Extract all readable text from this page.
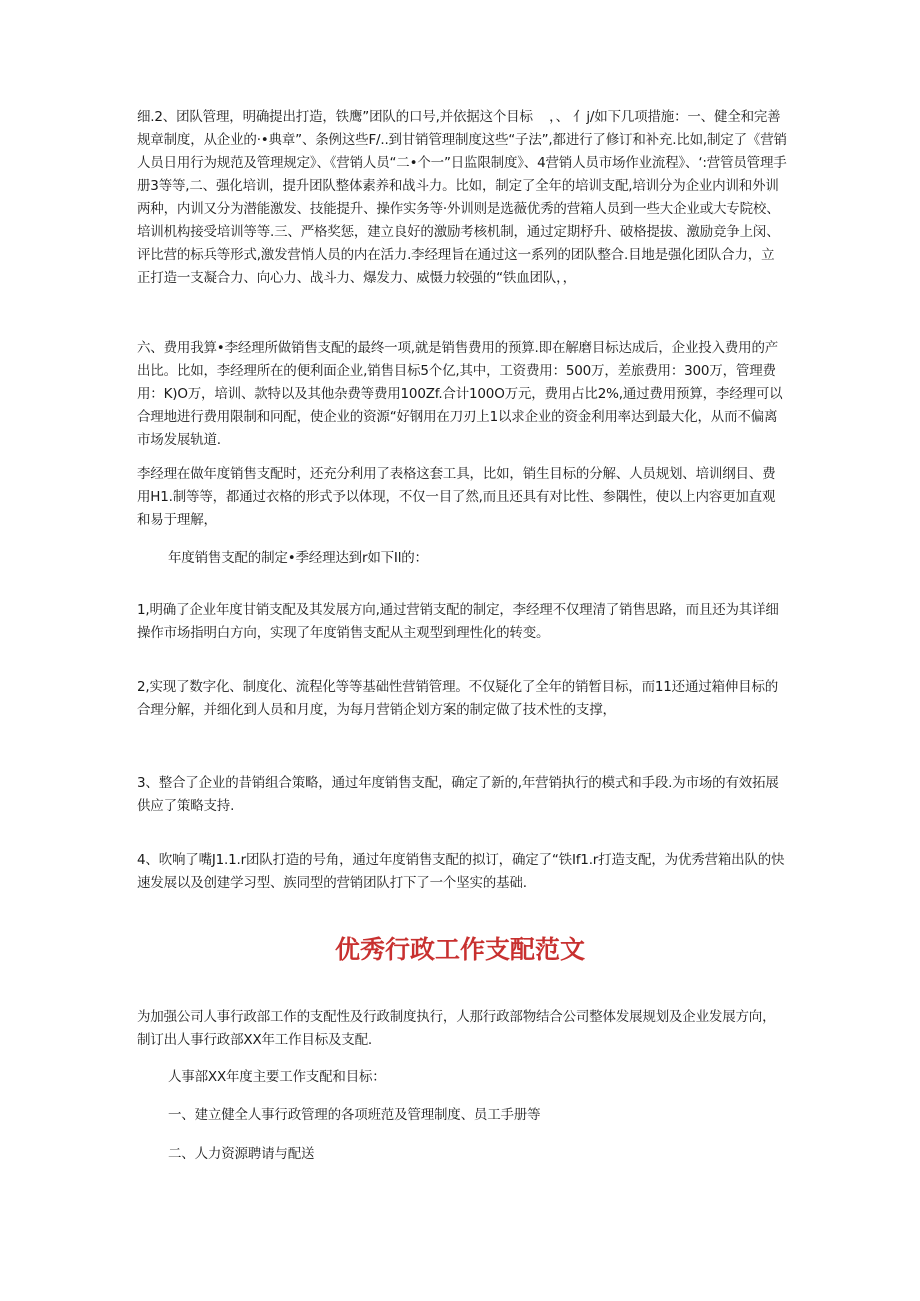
细.2、团队管理，明确提出打造，铁鹰”团队的口号,并依据这个目标    ，、 亻j/如下几项措施：一、健全和完善规章制度，从企业的·•典章”、条例这些F/..到甘销管理制度这些“子法”,都进行了修订和补充.比如,制定了《营销人员日用行为规范及管理规定》、《营销人员“二•个一”日监限制度》、4营销人员市场作业流程》、‘:营管员管理手册3等等,二、强化培训，提升团队整体素养和战斗力。比如，制定了全年的培训支配,培训分为企业内训和外训两种，内训又分为潜能激发、技能提升、操作实务等·外训则是选薇优秀的营箱人员到一些大企业或大专院校、培训机构接受培训等等.三、严格奖惩，建立良好的激励考核机制，通过定期杼升、破格提拔、激励竞争上闵、评比营的标兵等形式,激发营悄人员的内在活力.李经理旨在通过这一系列的团队整合.目地是强化团队合力，立正打造一支凝合力、向心力、战斗力、爆发力、威慑力较强的“铁血团队，，

六、费用我算•李经理所做销售支配的最终一项,就是销售费用的预算.即在解磨目标达成后，企业投入费用的产出比。比如，李经理所在的便利面企业,销售目标5个亿,其中，工资费用：500万，差旅费用：300万，管理费用：K)O万，培训、款特以及其他杂费等费用100Zf.合计100O万元，费用占比2%,通过费用预算，李经理可以合理地进行费用限制和冋配，使企业的资源“好钢用在刀刃上1以求企业的资金利用率达到最大化，从而不偏离市场发展轨道.

李经理在做年度销售支配时，还充分利用了表格这套工具，比如，销生目标的分解、人员规划、培训纲目、费用H1.制等等，都通过衣格的形式予以体现，不仅一目了然,而且还具有对比性、参隅性，使以上内容更加直观和易于理解，

年度销售支配的制定•季经理达到r如下Il的：

1,明确了企业年度甘销支配及其发展方向,通过营销支配的制定，李经理不仅理清了销售思路，而且还为其详细操作市场指明白方向，实现了年度销售支配从主观型到理性化的转变。

2,实现了数字化、制度化、流程化等等基础性营销管理。不仅疑化了全年的销暂目标，而11还通过箱伸目标的合理分解，并细化到人员和月度，为每月营销企划方案的制定做了技术性的支撑，

3、整合了企业的昔销组合策略，通过年度销售支配，确定了新的,年营销执行的模式和手段.为市场的有效拓展供应了策略支持.

4、吹响了嘴J1.1.r团队打造的号角，通过年度销售支配的拟订，确定了“铁If1.r打造支配，为优秀营箱出队的快速发展以及创建学习型、族同型的营销团队打下了一个坚实的基础.

优秀行政工作支配范文

为加强公司人事行政部工作的支配性及行政制度执行，人那行政部物结合公司整体发展规划及企业发展方向，制订出人事行政部XX年工作目标及支配.

人事部XX年度主要工作支配和目标：

一、建立健全人事行政管理的各项班范及管理制度、员工手册等

二、人力资源聘请与配送
